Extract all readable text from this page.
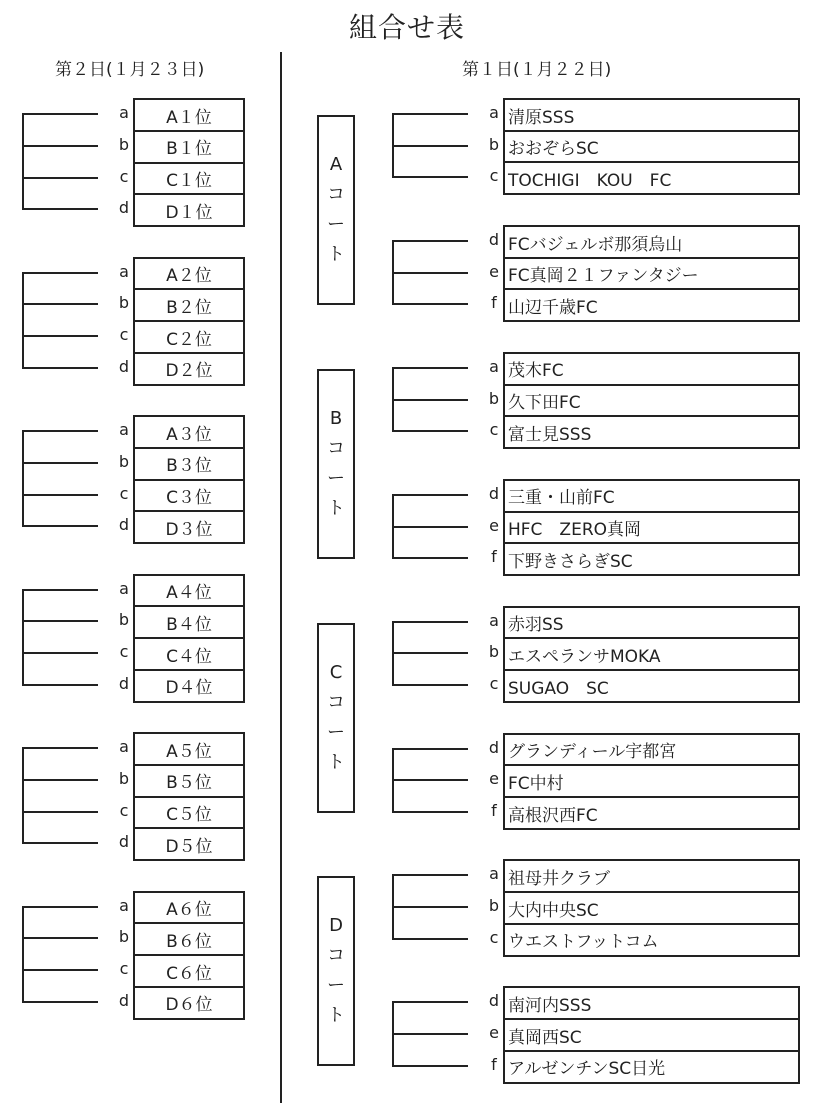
組合せ表
第２日(１月２３日)	第１日(１月２２日)
a	A１位
b	B１位
c	C１位
d	D１位
a	A２位
b	B２位
c	C２位
d	D２位
a	A３位
b	B３位
c	C３位
d	D３位
a	A４位
b	B４位
c	C４位
d	D４位
a	A５位
b	B５位
c	C５位
d	D５位
a	A６位
b	B６位
c	C６位
d	D６位
A
コ
ー
ト
a 清原SSS
b おおぞらSC
c TOCHIGI　KOU　FC
d FCバジェルボ那須烏山
e FC真岡２１ファンタジー
f 山辺千歳FC
B
コ
ー
ト
a 茂木FC
b 久下田FC
c 富士見SSS
d 三重・山前FC
e HFC　ZERO真岡
f 下野きさらぎSC
C
コ
ー
ト
a 赤羽SS
b エスペランサMOKA
c SUGAO　SC
d グランディール宇都宮
e FC中村
f 高根沢西FC
D
コ
ー
ト
a 祖母井クラブ
b 大内中央SC
c ウエストフットコム
d 南河内SSS
e 真岡西SC
f アルゼンチンSC日光
